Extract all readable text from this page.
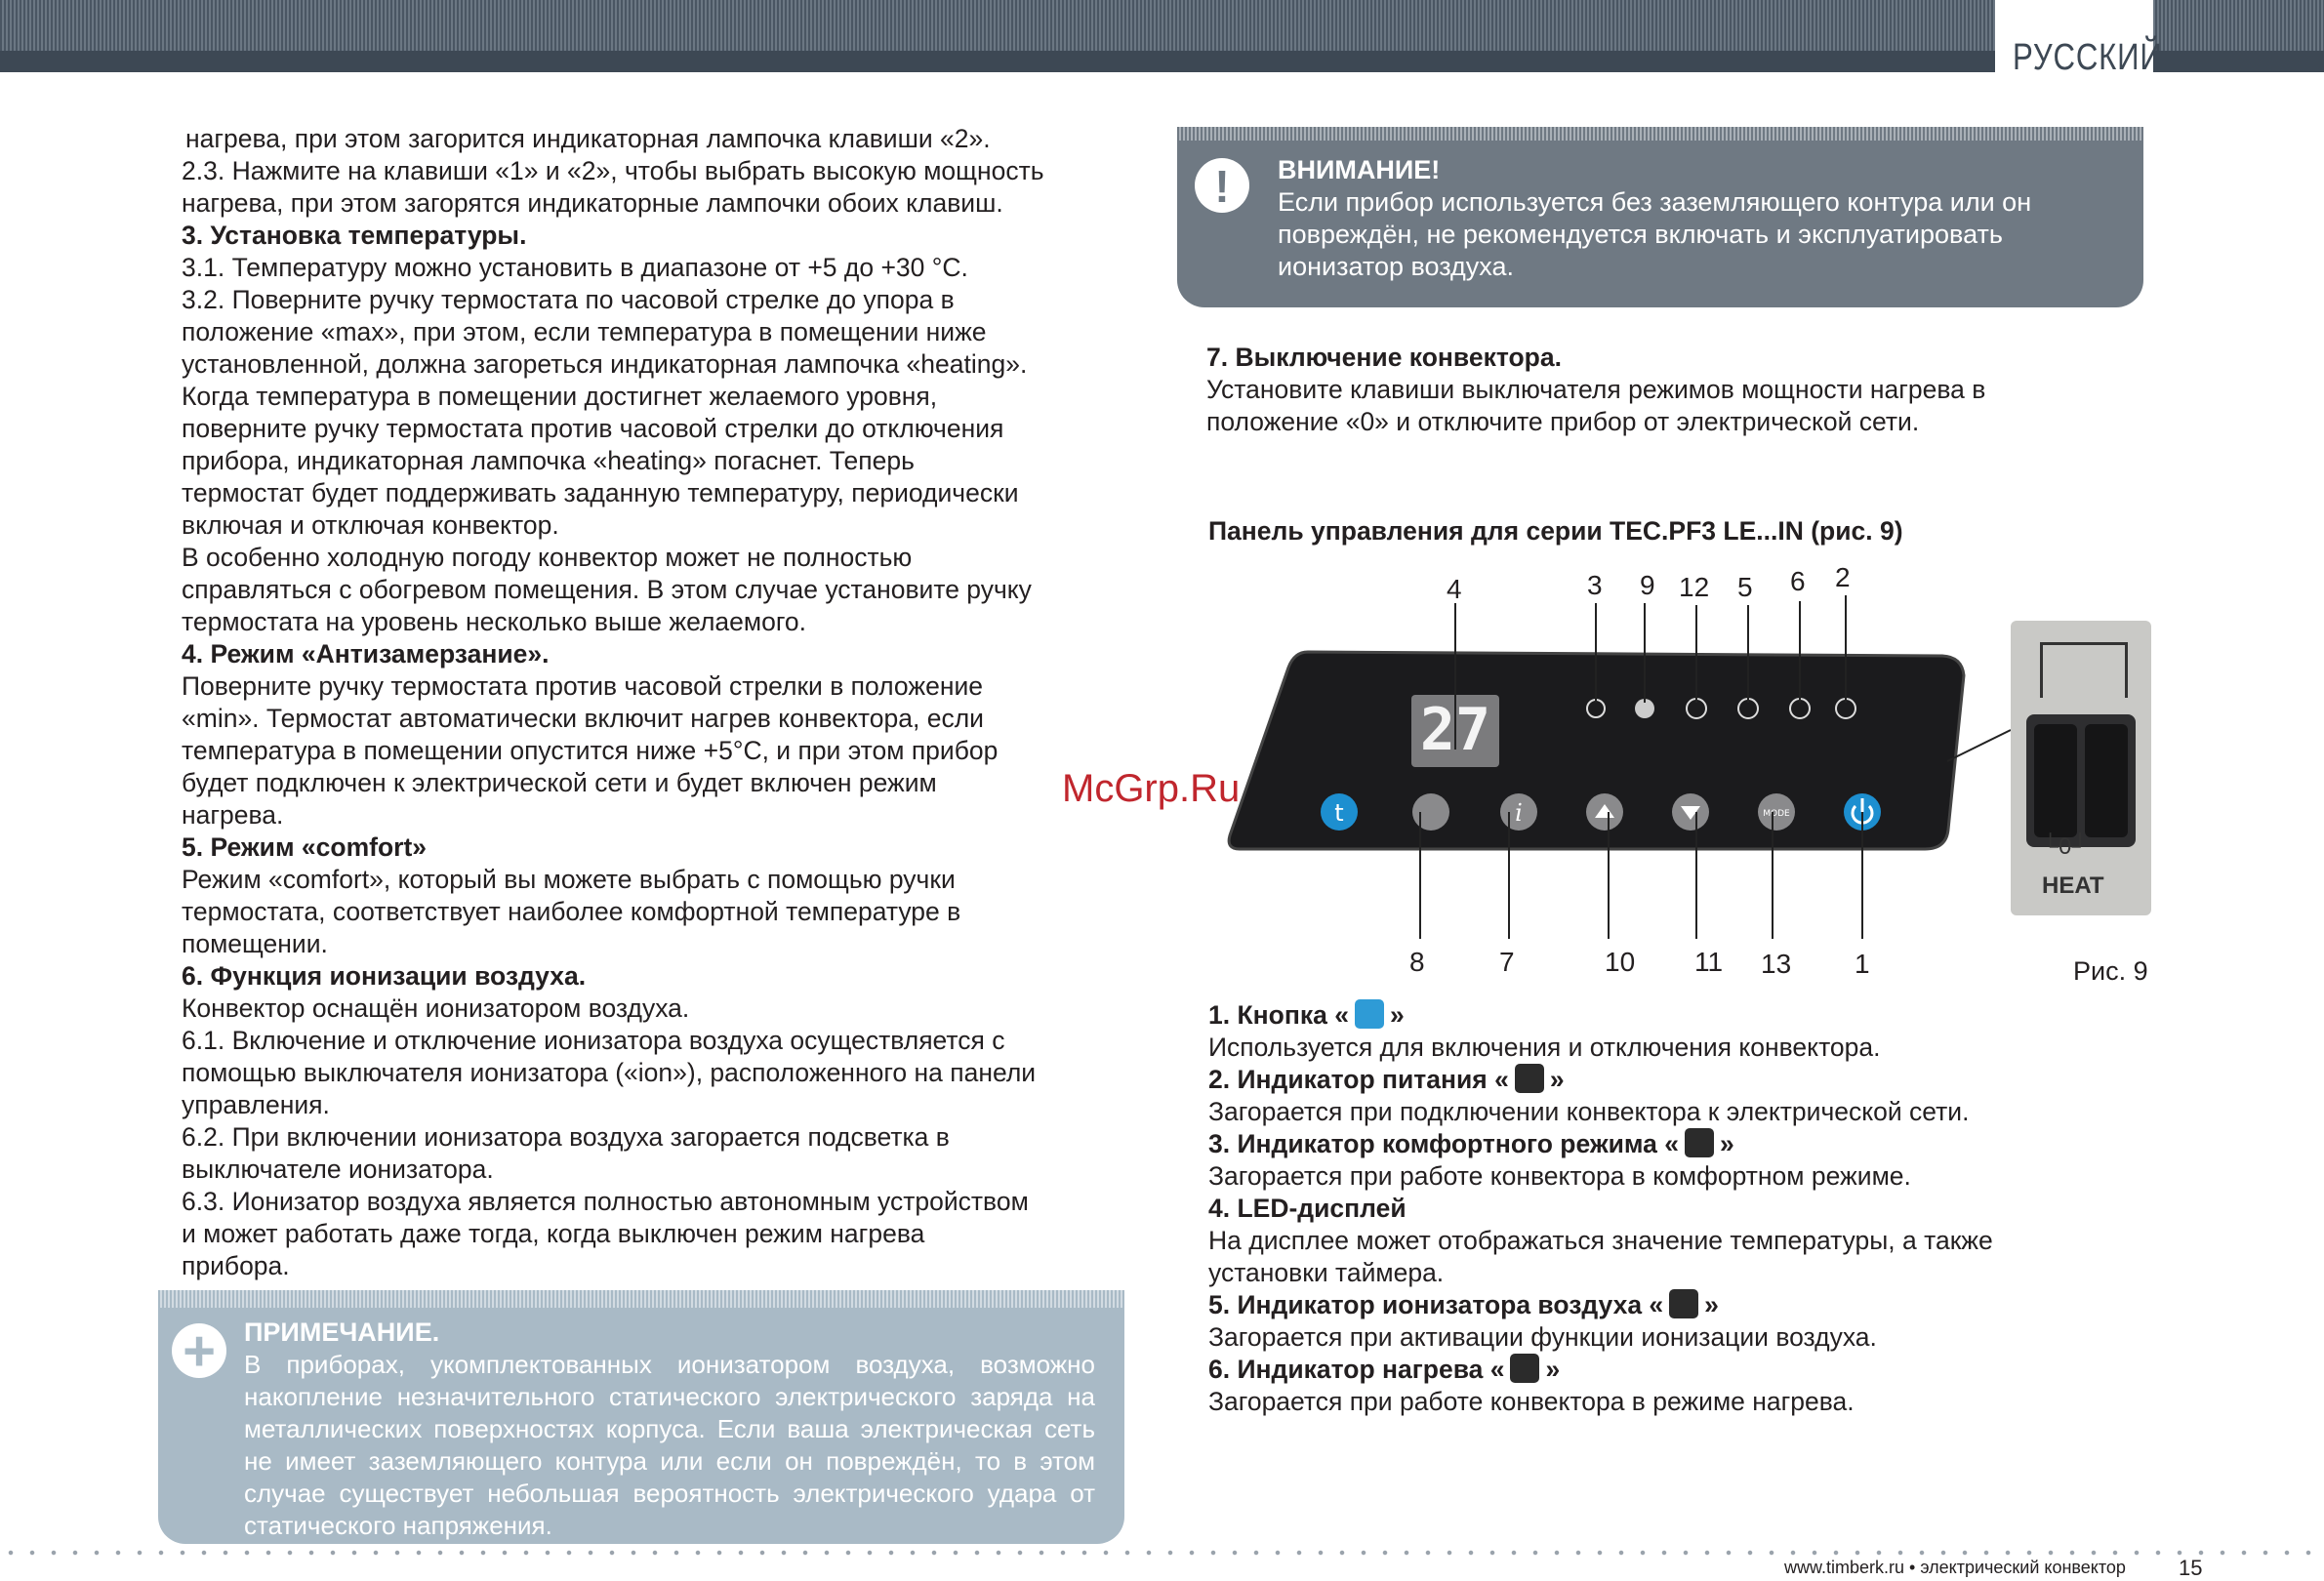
РУССКИЙ

нагрева, при этом загорится индикаторная лампочка клавиши «2».

2.3. Нажмите на клавиши «1» и «2», чтобы выбрать высокую мощность

нагрева, при этом загорятся индикаторные лампочки обоих клавиш.

3. Установка температуры.

3.1. Температуру можно установить в диапазоне от +5 до +30 °С.

3.2. Поверните ручку термостата по часовой стрелке до упора в

положение «max», при этом, если температура в помещении ниже

установленной, должна загореться индикаторная лампочка «heating».

Когда температура в помещении достигнет желаемого уровня,

поверните ручку термостата против часовой стрелки до отключения

прибора, индикаторная лампочка «heating» погаснет. Теперь

термостат будет поддерживать заданную температуру, периодически

включая и отключая конвектор.

В особенно холодную погоду конвектор может не полностью

справляться с обогревом помещения. В этом случае установите ручку

термостата на уровень несколько выше желаемого.

4. Режим «Антизамерзание».

Поверните ручку термостата против часовой стрелки в положение

«min». Термостат автоматически включит нагрев конвектора, если

температура в помещении опустится ниже +5°С, и при этом прибор

будет подключен к электрической сети и будет включен режим

нагрева.

5. Режим «comfort»

Режим «comfort», который вы можете выбрать с помощью ручки

термостата, соответствует наиболее комфортной температуре в

помещении.

6. Функция ионизации воздуха.

Конвектор оснащён ионизатором воздуха.

6.1. Включение и отключение ионизатора воздуха осуществляется с

помощью выключателя ионизатора («ion»), расположенного на панели

управления.

6.2. При включении ионизатора воздуха загорается подсветка в

выключателе ионизатора.

6.3. Ионизатор воздуха является полностью автономным устройством

и может работать даже тогда, когда выключен режим нагрева

прибора.

!	ВНИМАНИЕ!
Если прибор используется без заземляющего контура или он
повреждён, не рекомендуется включать и эксплуатировать
ионизатор воздуха.

7. Выключение конвектора.

Установите клавиши выключателя режимов мощности нагрева в

положение «0» и отключите прибор от электрической сети.

Панель управления для серии TEC.PF3 LE...IN (рис. 9)
27
t	i	MODE
4	3 9 12 5 6 2
8	7	10 11 13 1
└0┘
HEAT
Рис. 9
McGrp.Ru

1. Кнопка « »

Используется для включения и отключения конвектора.

2. Индикатор питания « »

Загорается при подключении конвектора к электрической сети.

3. Индикатор комфортного режима « »

Загорается при работе конвектора в комфортном режиме.

4. LED-дисплей

На дисплее может отображаться значение температуры, а также

установки таймера.

5. Индикатор ионизатора воздуха « »

Загорается при активации функции ионизации воздуха.

6. Индикатор нагрева « »

Загорается при работе конвектора в режиме нагрева.

+	ПРИМЕЧАНИЕ.
В приборах, укомплектованных ионизатором воздуха, возможно накопление незначительного статического электрического заряда на металлических поверхностях корпуса. Если ваша электрическая сеть не имеет заземляющего контура или если он повреждён, то в этом случае существует небольшая вероятность электрического удара от статического напряжения.
www.timberk.ru • электрический конвектор 15
